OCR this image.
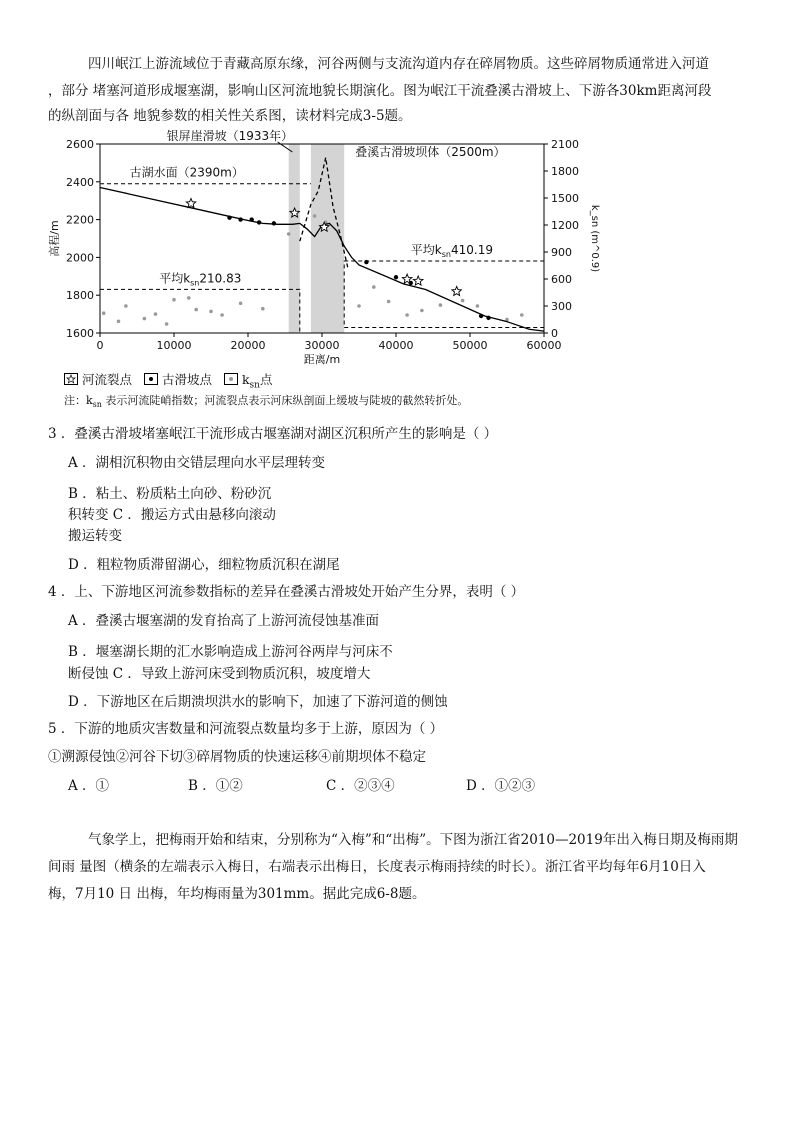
四川岷江上游流域位于青藏高原东缘，河谷两侧与支流沟道内存在碎屑物质。这些碎屑物质通常进入河道
，部分 堵塞河道形成堰塞湖，影响山区河流地貌长期演化。图为岷江干流叠溪古滑坡上、下游各30km距离河段
的纵剖面与各 地貌参数的相关性关系图，读材料完成3-5题。
0	10000	20000	30000	40000	50000	60000
1600
1800
2000
2200
2400
2600
0
300
600
900
1200
1500
1800
2100
距离/m
高程/m	k_sn (m^0.9)
银屏崖滑坡（1933年）
叠溪古滑坡坝体（2500m）
古湖水面（2390m）
平均$k_{sn}210.83$
平均$k_{sn}410.19$
河流裂点 古滑坡点 $k_{sn}$点
注：$k_{sn}$ 表示河流陡峭指数；河流裂点表示河床纵剖面上缓坡与陡坡的截然转折处。
3 ．叠溪古滑坡堵塞岷江干流形成古堰塞湖对湖区沉积所产生的影响是（ ）
A ．湖相沉积物由交错层理向水平层理转变
B ．粘土、粉质粘土向砂、粉砂沉
积转变 C ．搬运方式由悬移向滚动
搬运转变
D ．粗粒物质滞留湖心，细粒物质沉积在湖尾
4 ．上、下游地区河流参数指标的差异在叠溪古滑坡处开始产生分界，表明（ ）
A ．叠溪古堰塞湖的发育抬高了上游河流侵蚀基准面
B ．堰塞湖长期的汇水影响造成上游河谷两岸与河床不
断侵蚀 C ．导致上游河床受到物质沉积，坡度增大
D ．下游地区在后期溃坝洪水的影响下，加速了下游河道的侧蚀
5 ．下游的地质灾害数量和河流裂点数量均多于上游，原因为（ ）
①溯源侵蚀②河谷下切③碎屑物质的快速运移④前期坝体不稳定
A ．①	B ．①②	C ．②③④	D ．①②③
气象学上，把梅雨开始和结束，分别称为“入梅”和“出梅”。下图为浙江省2010—2019年出入梅日期及梅雨期
间雨 量图（横条的左端表示入梅日，右端表示出梅日，长度表示梅雨持续的时长）。浙江省平均每年6月10日入
梅，7月10 日 出梅，年均梅雨量为301mm。据此完成6-8题。
